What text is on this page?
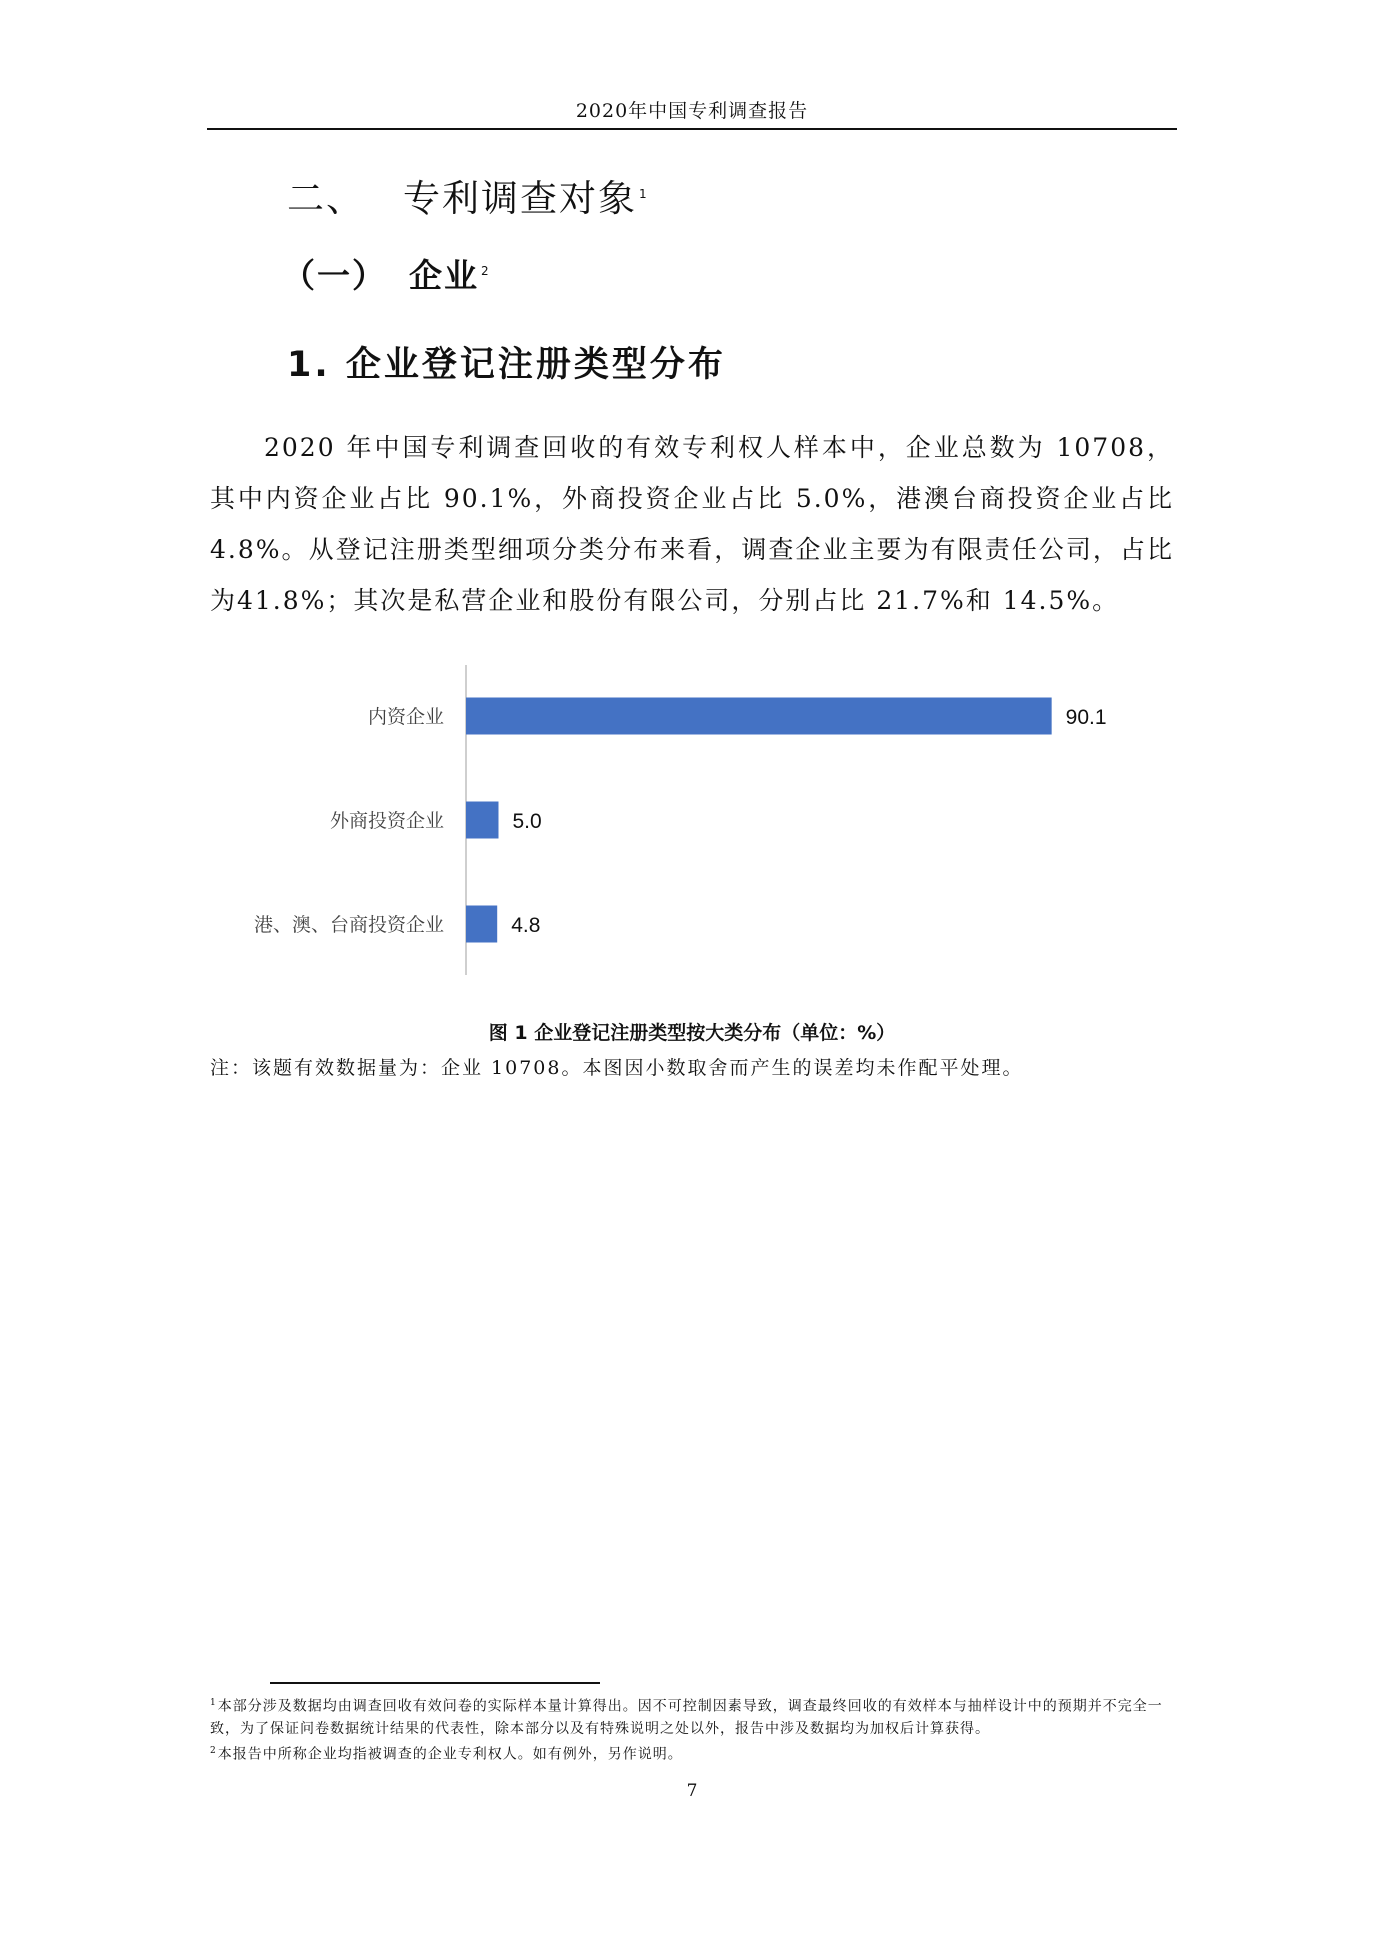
2020年中国专利调查报告
二、 专利调查对象 $^1$
（一） 企业 $^2$
1. 企业登记注册类型分布
2020 年中国专利调查回收的有效专利权人样本中，企业总数为 10708，其中内资企业占比 90.1%，外商投资企业占比 5.0%，港澳台商投资企业占比 4.8%。从登记注册类型细项分类分布来看，调查企业主要为有限责任公司，占比为41.8%；其次是私营企业和股份有限公司，分别占比 21.7%和 14.5%。
内资企业	90.1
外商投资企业	5.0
港、澳、台商投资企业	4.8
图 1 企业登记注册类型按大类分布（单位：%）
注：该题有效数据量为：企业 10708。本图因小数取舍而产生的误差均未作配平处理。

$^1$本部分涉及数据均由调查回收有效问卷的实际样本量计算得出。因不可控制因素导致，调查最终回收的有效样本与抽样设计中的预期并不完全一致，为了保证问卷数据统计结果的代表性，除本部分以及有特殊说明之处以外，报告中涉及数据均为加权后计算获得。

$^2$本报告中所称企业均指被调查的企业专利权人。如有例外，另作说明。

7
